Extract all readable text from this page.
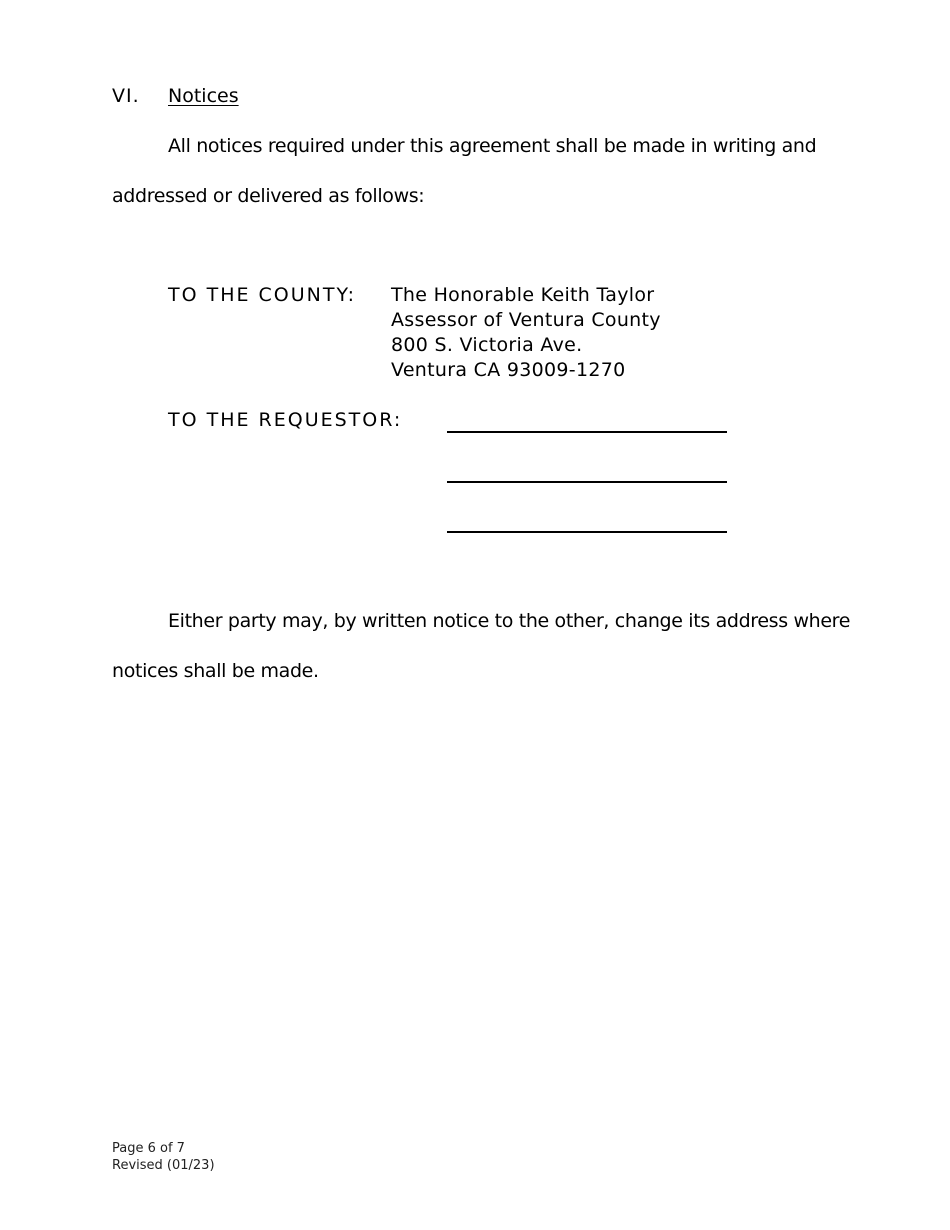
VI. Notices
All notices required under this agreement shall be made in writing and addressed or delivered as follows:
TO THE COUNTY: The Honorable Keith Taylor
Assessor of Ventura County
800 S. Victoria Ave.
Ventura CA 93009-1270
TO THE REQUESTOR:
Either party may, by written notice to the other, change its address where notices shall be made.
Page 6 of 7
Revised (01/23)
